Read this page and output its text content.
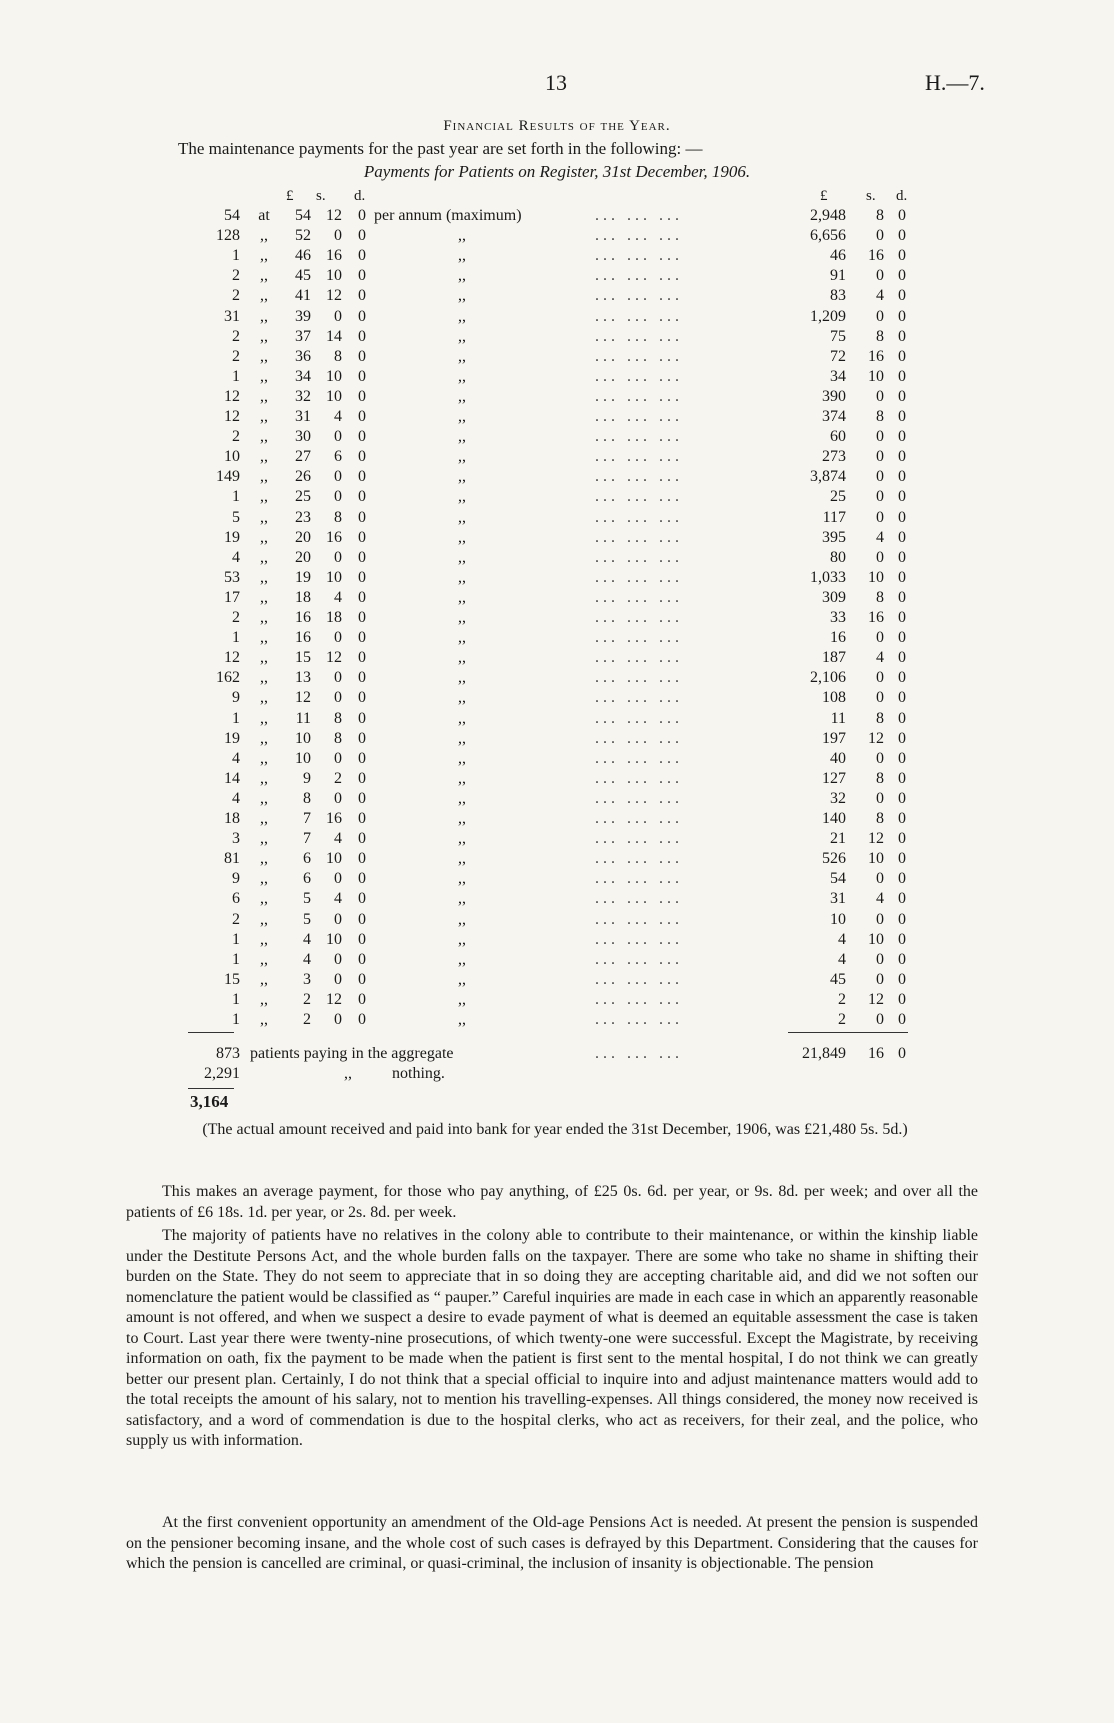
13	H.—7.
Financial Results of the Year.
The maintenance payments for the past year are set forth in the following: —
Payments for Patients on Register, 31st December, 1906.
£ s. d.	£	s. d.
54	at	54 12	0 per annum (maximum)	... ... ...	2,948	8 0
128	,,	52	0	0	,,	... ... ...	6,656	0 0
1	,,	46 16	0	,,	... ... ...	46	16 0
2	,,	45 10	0	,,	... ... ...	91	0 0
2	,,	41 12	0	,,	... ... ...	83	4 0
31	,,	39	0	0	,,	... ... ...	1,209	0 0
2	,,	37 14	0	,,	... ... ...	75	8 0
2	,,	36	8	0	,,	... ... ...	72	16 0
1	,,	34 10	0	,,	... ... ...	34	10 0
12	,,	32 10	0	,,	... ... ...	390	0 0
12	,,	31	4	0	,,	... ... ...	374	8 0
2	,,	30	0	0	,,	... ... ...	60	0 0
10	,,	27	6	0	,,	... ... ...	273	0 0
149	,,	26	0	0	,,	... ... ...	3,874	0 0
1	,,	25	0	0	,,	... ... ...	25	0 0
5	,,	23	8	0	,,	... ... ...	117	0 0
19	,,	20 16	0	,,	... ... ...	395	4 0
4	,,	20	0	0	,,	... ... ...	80	0 0
53	,,	19 10	0	,,	... ... ...	1,033	10 0
17	,,	18	4	0	,,	... ... ...	309	8 0
2	,,	16 18	0	,,	... ... ...	33	16 0
1	,,	16	0	0	,,	... ... ...	16	0 0
12	,,	15 12	0	,,	... ... ...	187	4 0
162	,,	13	0	0	,,	... ... ...	2,106	0 0
9	,,	12	0	0	,,	... ... ...	108	0 0
1	,,	11	8	0	,,	... ... ...	11	8 0
19	,,	10	8	0	,,	... ... ...	197	12 0
4	,,	10	0	0	,,	... ... ...	40	0 0
14	,,	9	2	0	,,	... ... ...	127	8 0
4	,,	8	0	0	,,	... ... ...	32	0 0
18	,,	7 16	0	,,	... ... ...	140	8 0
3	,,	7	4	0	,,	... ... ...	21	12 0
81	,,	6 10	0	,,	... ... ...	526	10 0
9	,,	6	0	0	,,	... ... ...	54	0 0
6	,,	5	4	0	,,	... ... ...	31	4 0
2	,,	5	0	0	,,	... ... ...	10	0 0
1	,,	4 10	0	,,	... ... ...	4	10 0
1	,,	4	0	0	,,	... ... ...	4	0 0
15	,,	3	0	0	,,	... ... ...	45	0 0
1	,,	2 12	0	,,	... ... ...	2	12 0
1	,,	2	0	0	,,	... ... ...	2	0 0
873 patients paying in the aggregate	... ... ...	21,849	16 0
2,291	,,	nothing.
3,164
(The actual amount received and paid into bank for year ended the 31st December, 1906, was £21,480 5s. 5d.)
This makes an average payment, for those who pay anything, of £25 0s. 6d. per year, or 9s. 8d. per week; and over all the patients of £6 18s. 1d. per year, or 2s. 8d. per week.
The majority of patients have no relatives in the colony able to contribute to their maintenance, or within the kinship liable under the Destitute Persons Act, and the whole burden falls on the taxpayer. There are some who take no shame in shifting their burden on the State. They do not seem to appreciate that in so doing they are accepting charitable aid, and did we not soften our nomenclature the patient would be classified as “ pauper.” Careful inquiries are made in each case in which an apparently reasonable amount is not offered, and when we suspect a desire to evade payment of what is deemed an equitable assessment the case is taken to Court. Last year there were twenty-nine prosecutions, of which twenty-one were successful. Except the Magistrate, by receiving information on oath, fix the payment to be made when the patient is first sent to the mental hospital, I do not think we can greatly better our present plan. Certainly, I do not think that a special official to inquire into and adjust maintenance matters would add to the total receipts the amount of his salary, not to mention his travelling-expenses. All things considered, the money now received is satisfactory, and a word of commendation is due to the hospital clerks, who act as receivers, for their zeal, and the police, who supply us with information.
At the first convenient opportunity an amendment of the Old-age Pensions Act is needed. At present the pension is suspended on the pensioner becoming insane, and the whole cost of such cases is defrayed by this Department. Considering that the causes for which the pension is cancelled are criminal, or quasi-criminal, the inclusion of insanity is objectionable. The pension
